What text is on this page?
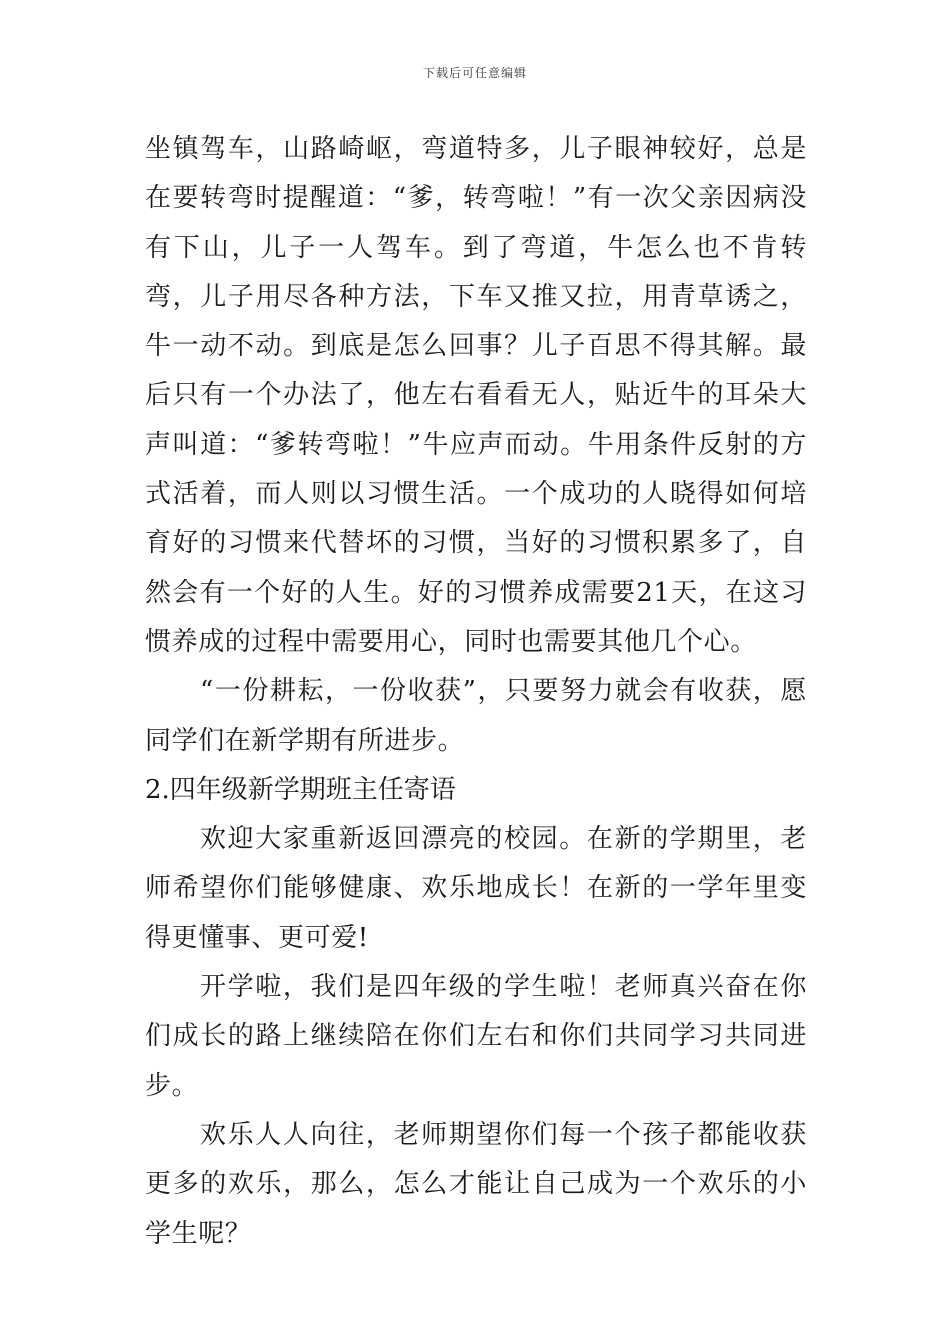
下载后可任意编辑

坐镇驾车，山路崎岖，弯道特多，儿子眼神较好，总是在要转弯时提醒道：“爹，转弯啦！”有一次父亲因病没有下山，儿子一人驾车。到了弯道，牛怎么也不肯转弯，儿子用尽各种方法，下车又推又拉，用青草诱之，牛一动不动。到底是怎么回事？儿子百思不得其解。最后只有一个办法了，他左右看看无人，贴近牛的耳朵大声叫道：“爹转弯啦！”牛应声而动。牛用条件反射的方式活着，而人则以习惯生活。一个成功的人晓得如何培育好的习惯来代替坏的习惯，当好的习惯积累多了，自然会有一个好的人生。好的习惯养成需要21天，在这习惯养成的过程中需要用心，同时也需要其他几个心。

“一份耕耘，一份收获”，只要努力就会有收获，愿同学们在新学期有所进步。

2.四年级新学期班主任寄语

欢迎大家重新返回漂亮的校园。在新的学期里，老师希望你们能够健康、欢乐地成长！在新的一学年里变得更懂事、更可爱!

开学啦，我们是四年级的学生啦！老师真兴奋在你们成长的路上继续陪在你们左右和你们共同学习共同进步。

欢乐人人向往，老师期望你们每一个孩子都能收获更多的欢乐，那么，怎么才能让自己成为一个欢乐的小学生呢？
